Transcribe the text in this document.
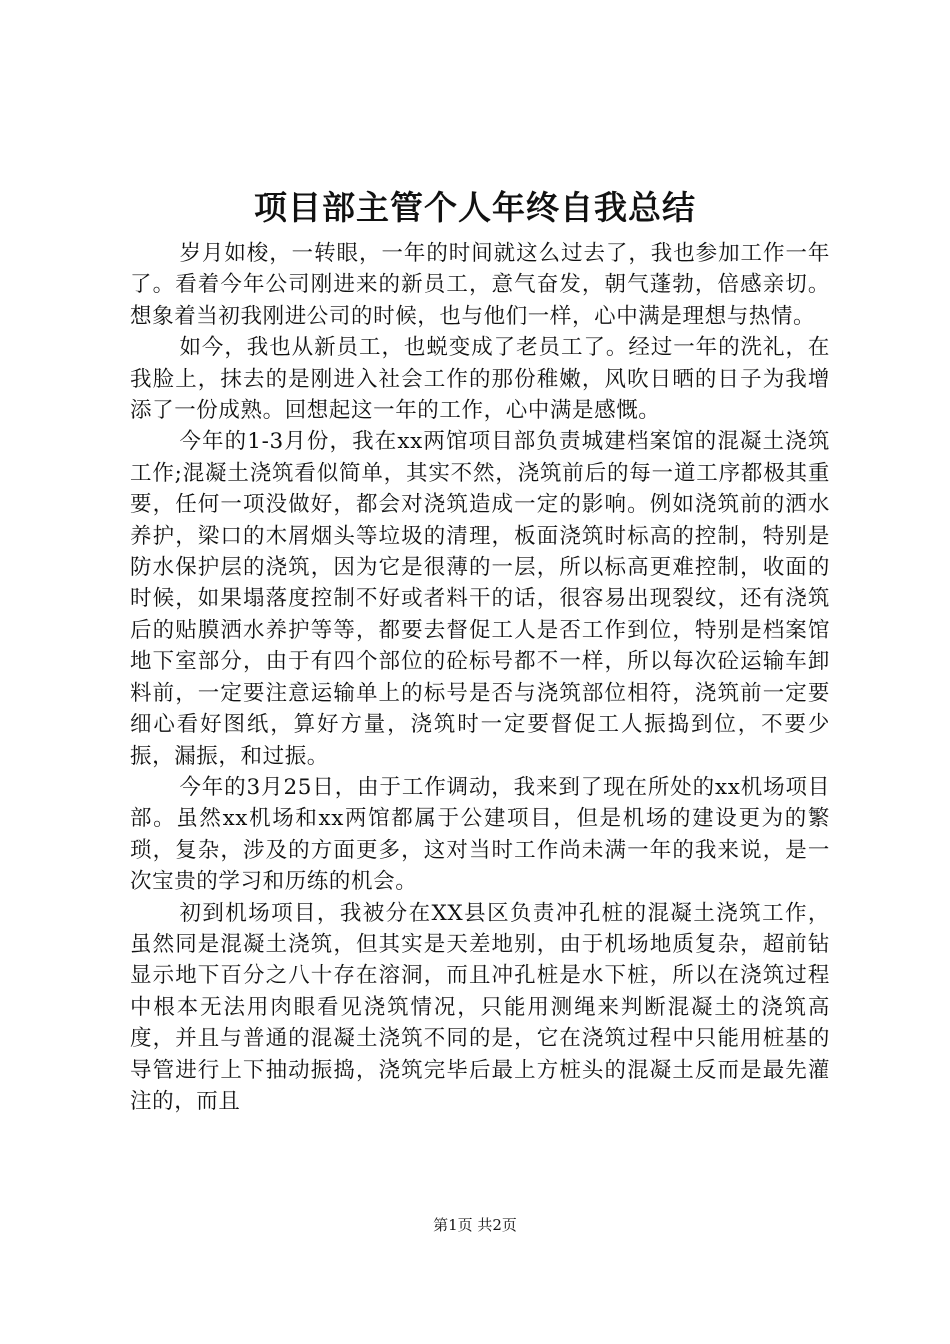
项目部主管个人年终自我总结

岁月如梭，一转眼，一年的时间就这么过去了，我也参加工作一年了。看着今年公司刚进来的新员工，意气奋发，朝气蓬勃，倍感亲切。想象着当初我刚进公司的时候，也与他们一样，心中满是理想与热情。

如今，我也从新员工，也蜕变成了老员工了。经过一年的洗礼，在我脸上，抹去的是刚进入社会工作的那份稚嫩，风吹日晒的日子为我增添了一份成熟。回想起这一年的工作，心中满是感慨。

今年的1-3月份，我在xx两馆项目部负责城建档案馆的混凝土浇筑工作;混凝土浇筑看似简单，其实不然，浇筑前后的每一道工序都极其重要，任何一项没做好，都会对浇筑造成一定的影响。例如浇筑前的洒水养护，梁口的木屑烟头等垃圾的清理，板面浇筑时标高的控制，特别是防水保护层的浇筑，因为它是很薄的一层，所以标高更难控制，收面的时候，如果塌落度控制不好或者料干的话，很容易出现裂纹，还有浇筑后的贴膜洒水养护等等，都要去督促工人是否工作到位，特别是档案馆地下室部分，由于有四个部位的砼标号都不一样，所以每次砼运输车卸料前，一定要注意运输单上的标号是否与浇筑部位相符，浇筑前一定要细心看好图纸，算好方量，浇筑时一定要督促工人振捣到位，不要少振，漏振，和过振。

今年的3月25日，由于工作调动，我来到了现在所处的xx机场项目部。虽然xx机场和xx两馆都属于公建项目，但是机场的建设更为的繁琐，复杂，涉及的方面更多，这对当时工作尚未满一年的我来说，是一次宝贵的学习和历练的机会。

初到机场项目，我被分在XX县区负责冲孔桩的混凝土浇筑工作，虽然同是混凝土浇筑，但其实是天差地别，由于机场地质复杂，超前钻显示地下百分之八十存在溶洞，而且冲孔桩是水下桩，所以在浇筑过程中根本无法用肉眼看见浇筑情况，只能用测绳来判断混凝土的浇筑高度，并且与普通的混凝土浇筑不同的是，它在浇筑过程中只能用桩基的导管进行上下抽动振捣，浇筑完毕后最上方桩头的混凝土反而是最先灌注的，而且

第1页 共2页
